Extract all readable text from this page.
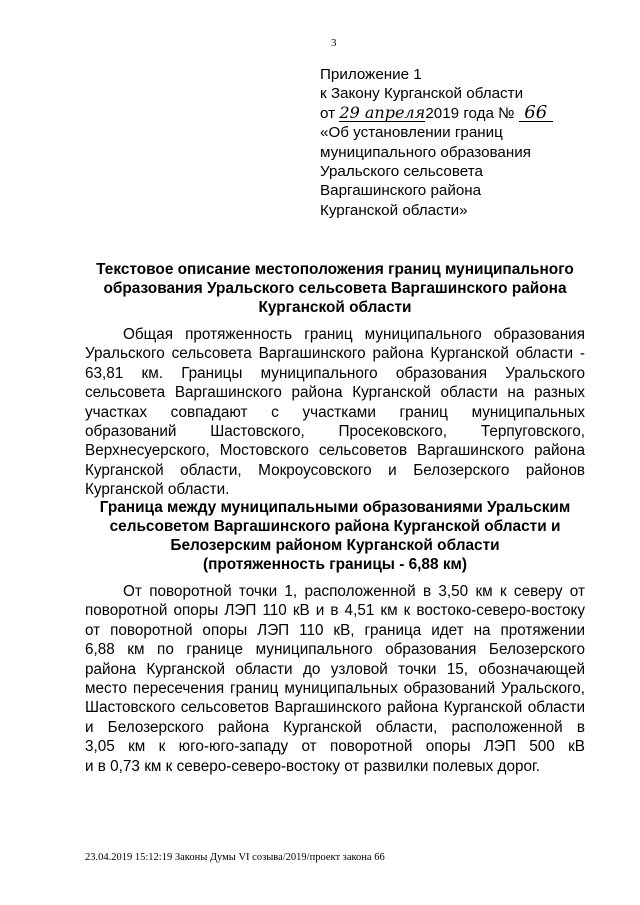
3
Приложение 1
к Закону Курганской области
от 29 апреля2019 года № 66
«Об установлении границ
муниципального образования
Уральского сельсовета
Варгашинского района
Курганской области»
Текстовое описание местоположения границ муниципального
образования Уральского сельсовета Варгашинского района
Курганской области
Общая протяженность границ муниципального образования
Уральского сельсовета Варгашинского района Курганской области -
63,81 км. Границы муниципального образования Уральского
сельсовета Варгашинского района Курганской области на разных
участках совпадают с участками границ муниципальных
образований Шастовского, Просековского, Терпуговского,
Верхнесуерского, Мостовского сельсоветов Варгашинского района
Курганской области, Мокроусовского и Белозерского районов
Курганской области.
Граница между муниципальными образованиями Уральским
сельсоветом Варгашинского района Курганской области и
Белозерским районом Курганской области
(протяженность границы - 6,88 км)
От поворотной точки 1, расположенной в 3,50 км к северу от
поворотной опоры ЛЭП 110 кВ и в 4,51 км к востоко-северо-востоку
от поворотной опоры ЛЭП 110 кВ, граница идет на протяжении
6,88 км по границе муниципального образования Белозерского
района Курганской области до узловой точки 15, обозначающей
место пересечения границ муниципальных образований Уральского,
Шастовского сельсоветов Варгашинского района Курганской области
и Белозерского района Курганской области, расположенной в
3,05 км к юго-юго-западу от поворотной опоры ЛЭП 500 кВ
и в 0,73 км к северо-северо-востоку от развилки полевых дорог.
23.04.2019 15:12:19 Законы Думы VI созыва/2019/проект закона 66
